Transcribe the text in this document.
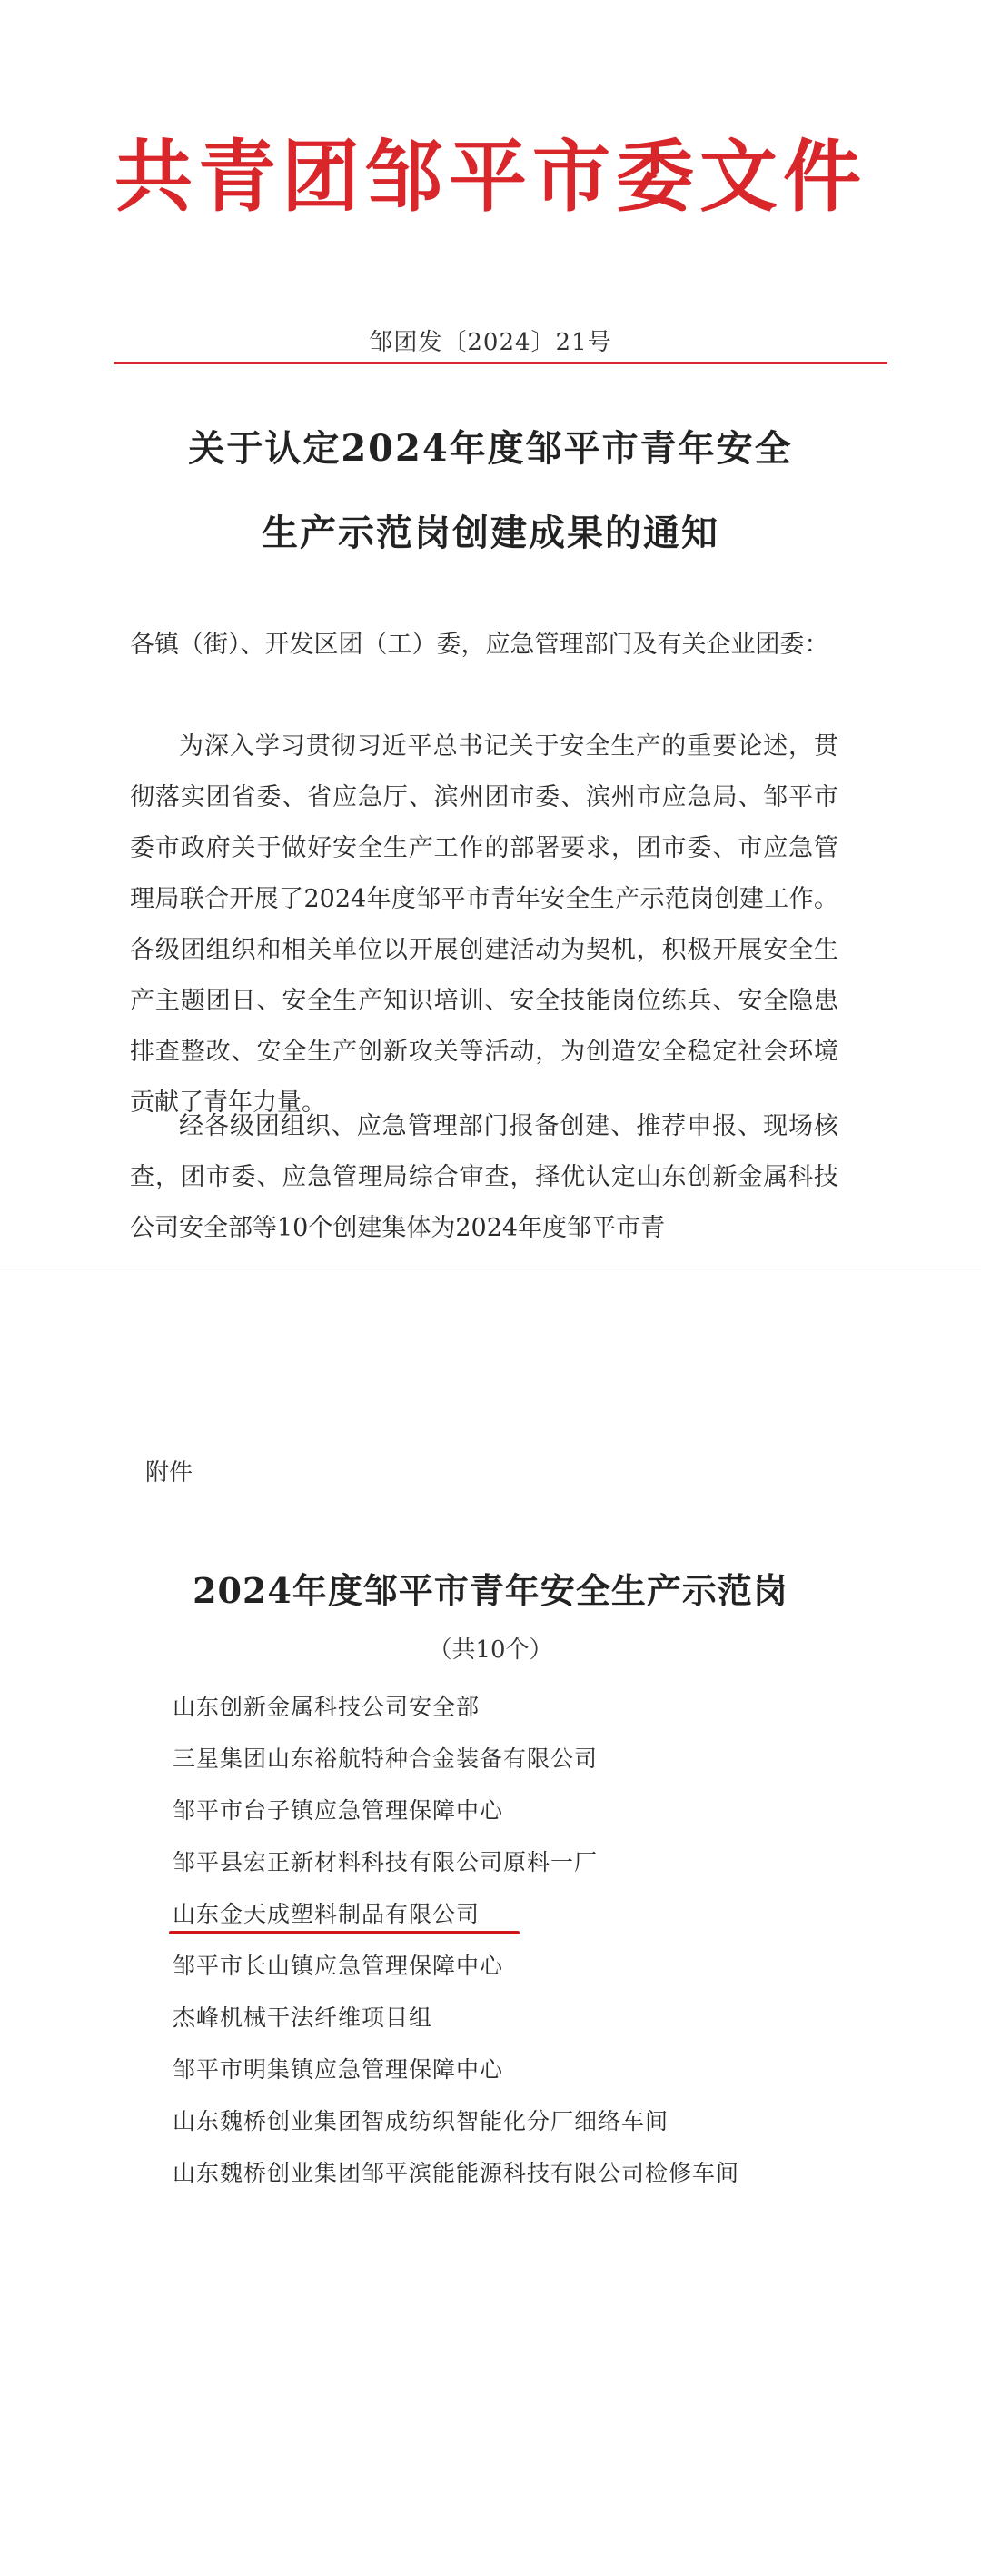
共青团邹平市委文件
邹团发〔2024〕21号
关于认定2024年度邹平市青年安全
生产示范岗创建成果的通知
各镇（街）、开发区团（工）委，应急管理部门及有关企业团委：
为深入学习贯彻习近平总书记关于安全生产的重要论述，贯彻落实团省委、省应急厅、滨州团市委、滨州市应急局、邹平市委市政府关于做好安全生产工作的部署要求，团市委、市应急管理局联合开展了2024年度邹平市青年安全生产示范岗创建工作。各级团组织和相关单位以开展创建活动为契机，积极开展安全生产主题团日、安全生产知识培训、安全技能岗位练兵、安全隐患排查整改、安全生产创新攻关等活动，为创造安全稳定社会环境贡献了青年力量。
经各级团组织、应急管理部门报备创建、推荐申报、现场核查，团市委、应急管理局综合审查，择优认定山东创新金属科技公司安全部等10个创建集体为2024年度邹平市青
附件
2024年度邹平市青年安全生产示范岗
（共10个）
山东创新金属科技公司安全部
三星集团山东裕航特种合金装备有限公司
邹平市台子镇应急管理保障中心
邹平县宏正新材料科技有限公司原料一厂
山东金天成塑料制品有限公司
邹平市长山镇应急管理保障中心
杰峰机械干法纤维项目组
邹平市明集镇应急管理保障中心
山东魏桥创业集团智成纺织智能化分厂细络车间
山东魏桥创业集团邹平滨能能源科技有限公司检修车间
